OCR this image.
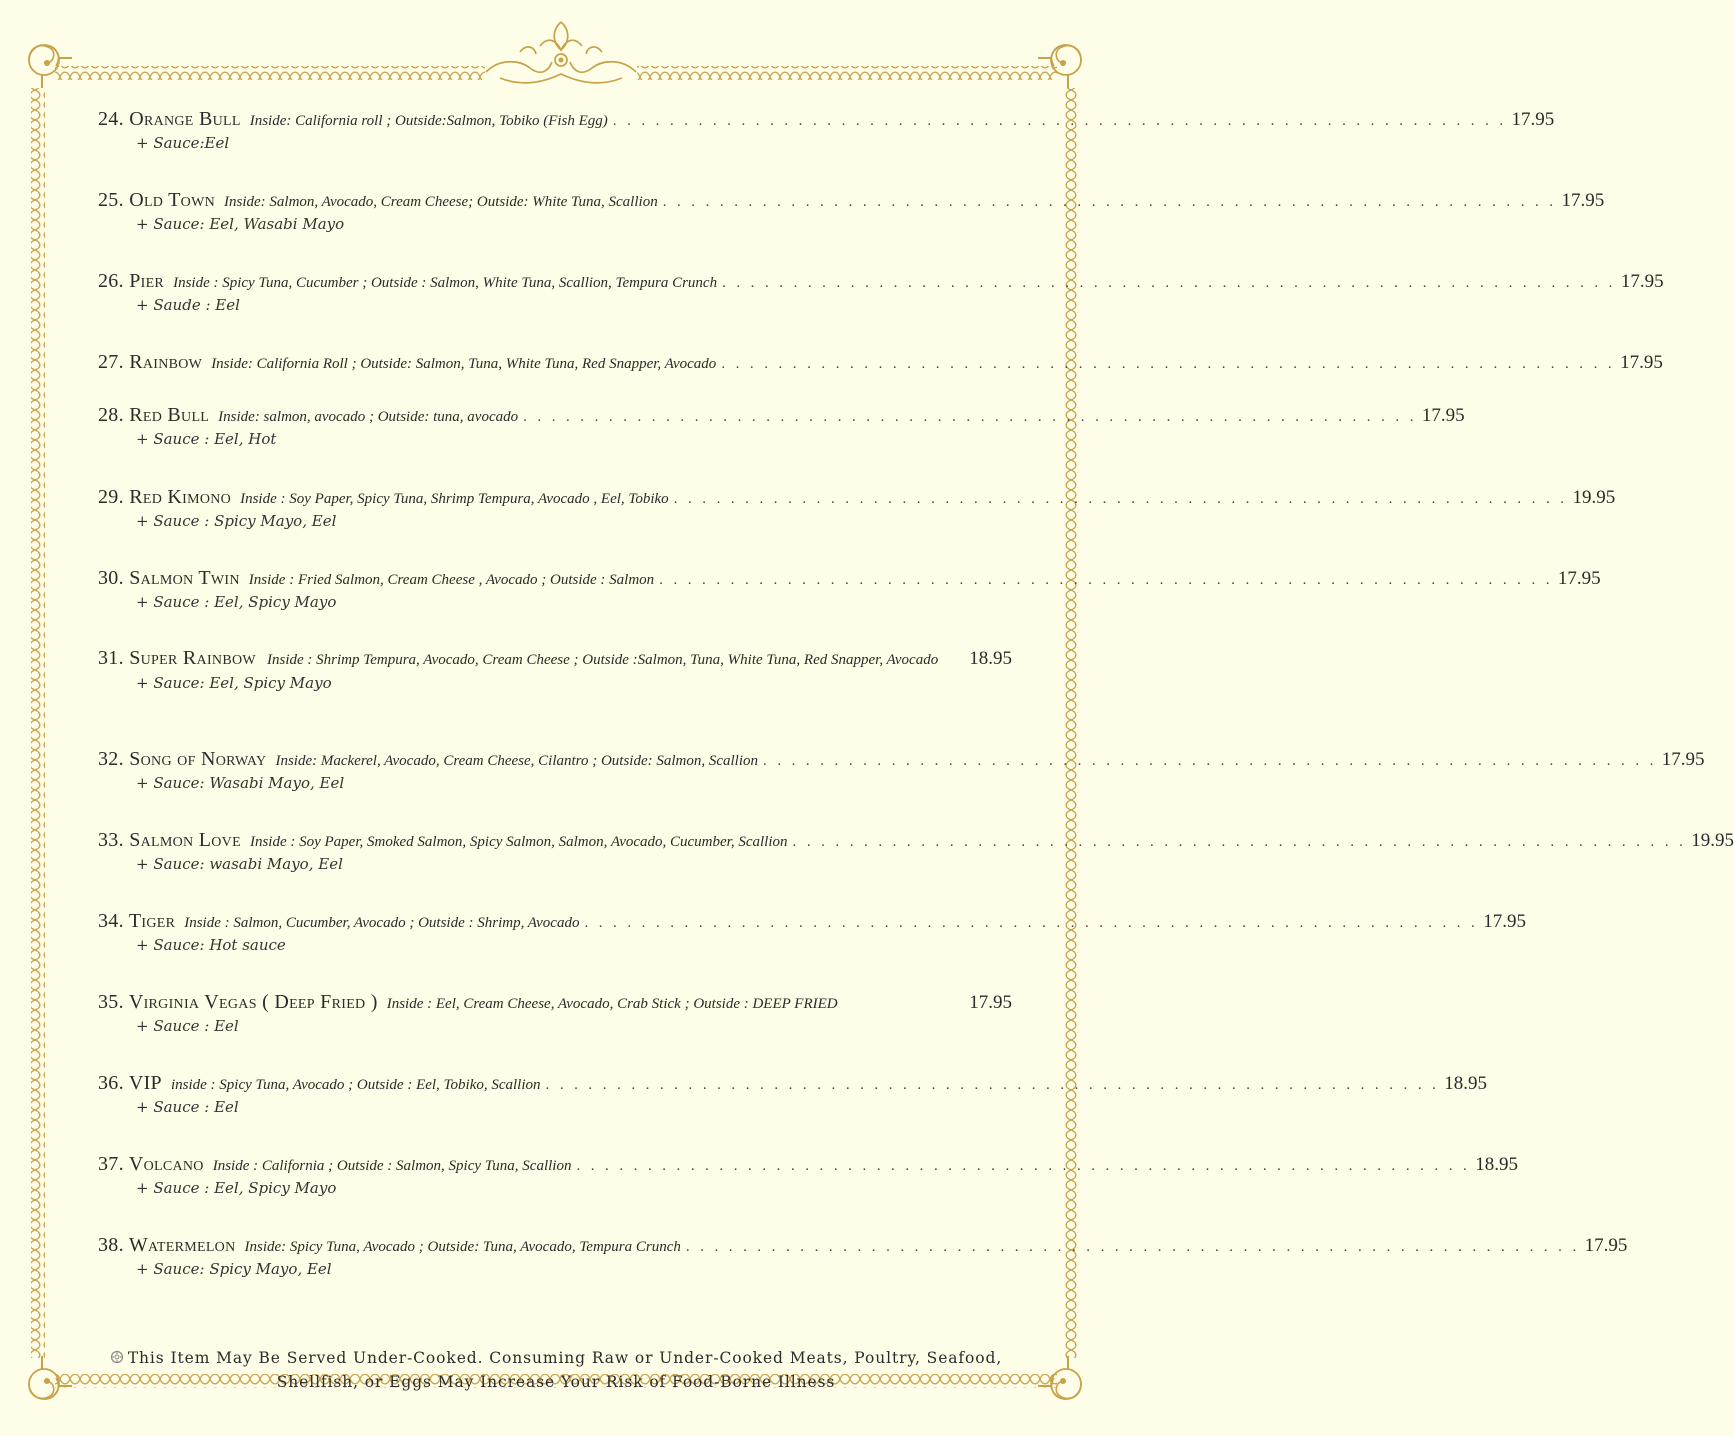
24. Orange Bull Inside: California roll ; Outside:Salmon, Tobiko (Fish Egg) . . . . . . . . . . . . . . . . . . . . . . . . . . . . . . . . . . . . . . . . . . . . . . . . . . . . . . . . . . . . . . . 17.95
+ Sauce:Eel
25. Old Town Inside: Salmon, Avocado, Cream Cheese; Outside: White Tuna, Scallion . . . . . . . . . . . . . . . . . . . . . . . . . . . . . . . . . . . . . . . . . . . . . . . . . . . . . . . . . . . . . . . 17.95
+ Sauce: Eel, Wasabi Mayo
26. Pier Inside : Spicy Tuna, Cucumber ; Outside : Salmon, White Tuna, Scallion, Tempura Crunch . . . . . . . . . . . . . . . . . . . . . . . . . . . . . . . . . . . . . . . . . . . . . . . . . . . . . . . . . . . . . . . 17.95
+ Saude : Eel
27. Rainbow Inside: California Roll ; Outside: Salmon, Tuna, White Tuna, Red Snapper, Avocado . . . . . . . . . . . . . . . . . . . . . . . . . . . . . . . . . . . . . . . . . . . . . . . . . . . . . . . . . . . . . . . 17.95
28. Red Bull Inside: salmon, avocado ; Outside: tuna, avocado . . . . . . . . . . . . . . . . . . . . . . . . . . . . . . . . . . . . . . . . . . . . . . . . . . . . . . . . . . . . . . . 17.95
+ Sauce : Eel, Hot
29. Red Kimono Inside : Soy Paper, Spicy Tuna, Shrimp Tempura, Avocado , Eel, Tobiko . . . . . . . . . . . . . . . . . . . . . . . . . . . . . . . . . . . . . . . . . . . . . . . . . . . . . . . . . . . . . . . 19.95
+ Sauce : Spicy Mayo, Eel
30. Salmon Twin Inside : Fried Salmon, Cream Cheese , Avocado ; Outside : Salmon . . . . . . . . . . . . . . . . . . . . . . . . . . . . . . . . . . . . . . . . . . . . . . . . . . . . . . . . . . . . . . . 17.95
+ Sauce : Eel, Spicy Mayo
31. Super Rainbow Inside : Shrimp Tempura, Avocado, Cream Cheese ; Outside :Salmon, Tuna, White Tuna, Red Snapper, Avocado	18.95
+ Sauce: Eel, Spicy Mayo
32. Song of Norway Inside: Mackerel, Avocado, Cream Cheese, Cilantro ; Outside: Salmon, Scallion . . . . . . . . . . . . . . . . . . . . . . . . . . . . . . . . . . . . . . . . . . . . . . . . . . . . . . . . . . . . . . . 17.95
+ Sauce: Wasabi Mayo, Eel
33. Salmon Love Inside : Soy Paper, Smoked Salmon, Spicy Salmon, Salmon, Avocado, Cucumber, Scallion . . . . . . . . . . . . . . . . . . . . . . . . . . . . . . . . . . . . . . . . . . . . . . . . . . . . . . . . . . . . . . . 19.95
+ Sauce: wasabi Mayo, Eel
34. Tiger Inside : Salmon, Cucumber, Avocado ; Outside : Shrimp, Avocado . . . . . . . . . . . . . . . . . . . . . . . . . . . . . . . . . . . . . . . . . . . . . . . . . . . . . . . . . . . . . . . 17.95
+ Sauce: Hot sauce
35. Virginia Vegas ( Deep Fried ) Inside : Eel, Cream Cheese, Avocado, Crab Stick ; Outside : DEEP FRIED	17.95
+ Sauce : Eel
36. VIP inside : Spicy Tuna, Avocado ; Outside : Eel, Tobiko, Scallion . . . . . . . . . . . . . . . . . . . . . . . . . . . . . . . . . . . . . . . . . . . . . . . . . . . . . . . . . . . . . . . 18.95
+ Sauce : Eel
37. Volcano Inside : California ; Outside : Salmon, Spicy Tuna, Scallion . . . . . . . . . . . . . . . . . . . . . . . . . . . . . . . . . . . . . . . . . . . . . . . . . . . . . . . . . . . . . . . 18.95
+ Sauce : Eel, Spicy Mayo
38. Watermelon Inside: Spicy Tuna, Avocado ; Outside: Tuna, Avocado, Tempura Crunch . . . . . . . . . . . . . . . . . . . . . . . . . . . . . . . . . . . . . . . . . . . . . . . . . . . . . . . . . . . . . . . 17.95
+ Sauce: Spicy Mayo, Eel
This Item May Be Served Under-Cooked. Consuming Raw or Under-Cooked Meats, Poultry, Seafood,
Shellfish, or Eggs May Increase Your Risk of Food-Borne Illness
